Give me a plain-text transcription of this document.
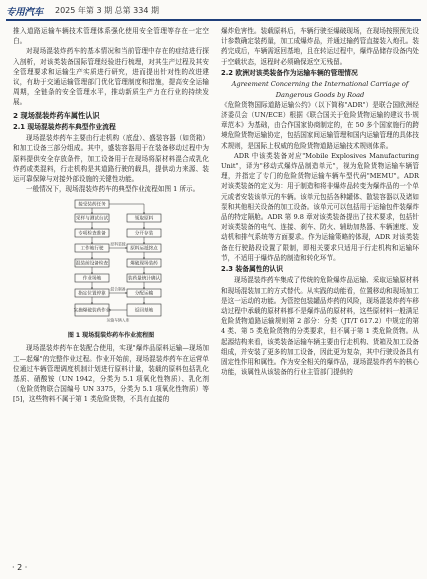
专用汽车 2025 年第 3 期 总第 334 期

推入道路运输车辆技术管理体系强化使用安全管理等存在一定空白。

对现场混装炸药车的基本情况和当前管理中存在的症结进行探入剖析，对该类装备国际管理经验进行梳理，对其生产过程及其安全管理要求和运输生产实质进行研究，进而提出针对性的改进建议，有助于交通运输管理部门优化管理制度和措施，提高安全运输周期，全链条的安全管理水平，推动新质生产力在行业的持续发展。

2 现场混装炸药车属性认识
2.1 现场混装炸药车典型作业流程

现场混装炸药车主要由行走机构（底盘）、盛装容器（如货箱）和加工设备三部分组成。其中，盛装容器用于在装备移动过程中为原料提供安全存放条件，加工设备用于在现场将原材料混合成乳化炸药或类混料，行走机构是其道路行驶的载具，提供动力来源、装运可靠保障与对接外部设施的关键性功能。

一般情况下，现场混装炸药车的典型作业流程如图 1 所示。

接受装药任务
采样与测试台试
专项检查准备
工作地行驶
混装前设备检查
作业场地
指定位置停靠
实施爆破装药作业
领取原料
分开存装
原料运抵终点
爆破现场装药
装药量统计确认
分配运输
返回基地
原料装载
混合制备
运输车辆入库
图 1 现场混装炸药车作业流程图

现场混装炸药车在装配合使用，实现"爆炸品原料运输—现场加工—起爆"的完整作业过程。作业开始前，现场混装炸药车在运营单位通过车辆管理调度机制计划进行原料计量，装载的原料包括乳化基质、硝酸铵（UN 1942，分类为 5.1 项氧化性物质）、乳化剂（危险货物联合国编号 UN 3375，分类为 5.1 项氧化性物质）等[5]，这些物料不属于第 1 类危险货物，不具有直接的

爆炸危害性。装载原料后，车辆行驶至爆破现场，在现场按照预先设计参数确定装药量，加工成爆炸品，并通过输药管直接装入炮孔。装药完成后，车辆需返回基地，且在转运过程中，爆炸品储存设备内处于空载状态，返程时必须确保返空无残留。

2.2 欧洲对该类装备作为运输车辆的管理情况

Agreement Concerning the International Carriage of Dangerous Goods by Road

《危险货物国际道路运输公约》（以下简称"ADR"）是联合国欧洲经济委员会（UN/ECE）根据《联合国关于危险货物运输的建议书·规章范本》为基础，由合作国家协商制定的，在 50 多个国家施行的跨境危险货物运输协定，包括国家间运输管理和国内运输管理的具体技术规则，是国际上权威的危险货物道路运输技术规则体系。

ADR 中该类装备对应"Mobile Explosives Manufacturing Unit"，译为"移动式爆炸品制造单元"，视为危险货物运输车辆管理，并指定了专门的危险货物运输车辆车型代码"MEMU"。ADR 对该类装备的定义为：用于制造和将非爆炸品转变为爆炸品的一个单元或者安装该单元的车辆。该单元包括各种罐体、散装容器以及诸如泵和其他相关设备的加工设备。该单元可以包括用于运输包件装爆炸品的特定隔舱。ADR 第 9.8 章对该类装备提出了技术要求，包括针对该类装备的电气、连接、刹车、防火、辅助加热器、车辆速度、发动机和排气系统等方面要求。作为运输策略的体现，ADR 对该类装备在行驶路段设置了限制，即相关要求只适用于行走机构和运输环节，不适用于爆炸品的制造和转化环节。

2.3 装备属性的认识

现场混装炸药车集成了传统的危险爆炸品运输、采取运输原材料和现场混装加工的方式替代。从实践的动能看，位置移动和现场加工是这一运动的功能。为管控包装罐品炸药的风险，现场混装炸药车移动过程中承载的原材料都不是爆炸品的原材料，这些原材料一般满足危险货物道路运输规则第 2 部分：分类（JT/T 617.2）中规定的第 4 类、第 5 类危险货物的分类要求，但不属于第 1 类危险货物。从起源结构来看，该类装备运输车辆主要由行走机构、货箱及加工设备组成，并安装了更多的加工设备，因此更为复杂，其中行驶设备具有固定性作用和属性。作为安全相关的爆炸品，现场混装炸药车的核心功能，该属性从该装备的行业主管部门提供的

· 2 ·
